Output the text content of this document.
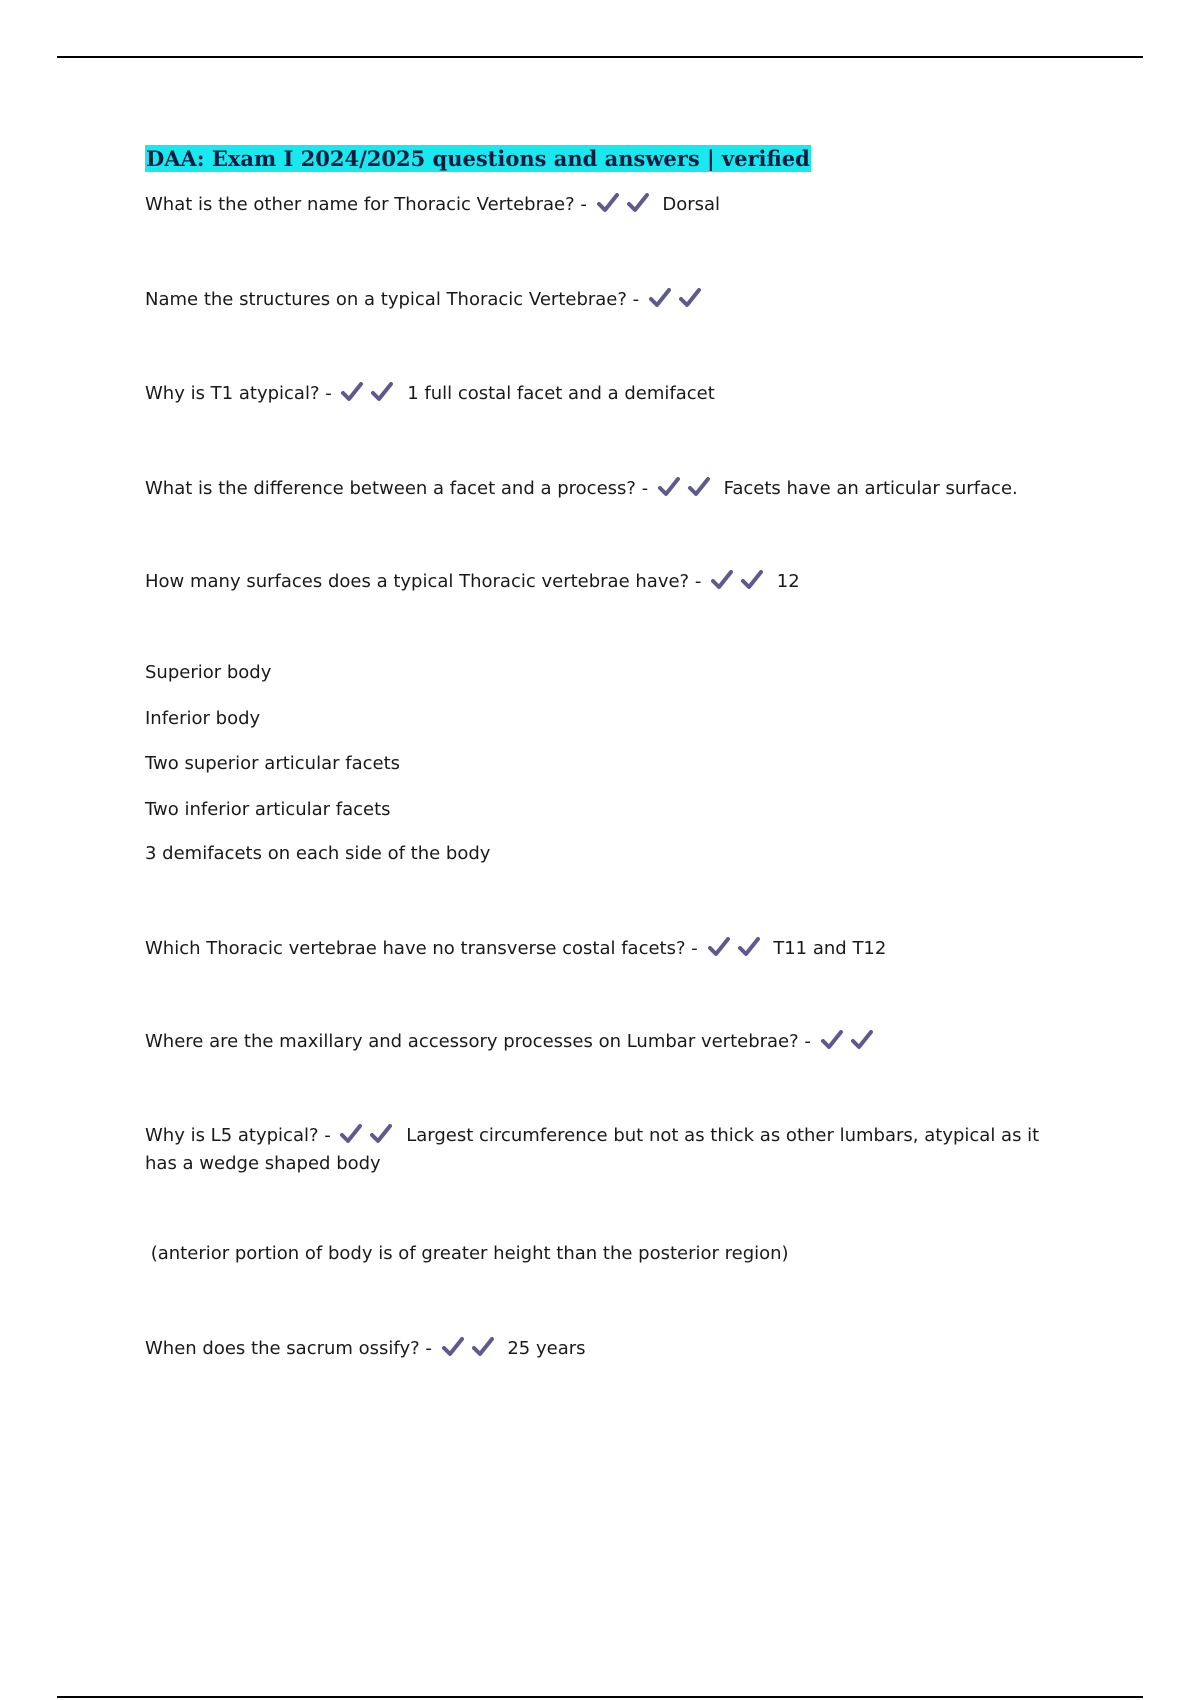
DAA: Exam I 2024/2025 questions and answers | verified
What is the other name for Thoracic Vertebrae? -	Dorsal
Name the structures on a typical Thoracic Vertebrae? -
Why is T1 atypical? -	1 full costal facet and a demifacet
What is the difference between a facet and a process? -	Facets have an articular surface.
How many surfaces does a typical Thoracic vertebrae have? -	12
Superior body
Inferior body
Two superior articular facets
Two inferior articular facets
3 demifacets on each side of the body
Which Thoracic vertebrae have no transverse costal facets? -	T11 and T12
Where are the maxillary and accessory processes on Lumbar vertebrae? -
Why is L5 atypical? -	Largest circumference but not as thick as other lumbars, atypical as it has a wedge shaped body
(anterior portion of body is of greater height than the posterior region)
When does the sacrum ossify? -	25 years
